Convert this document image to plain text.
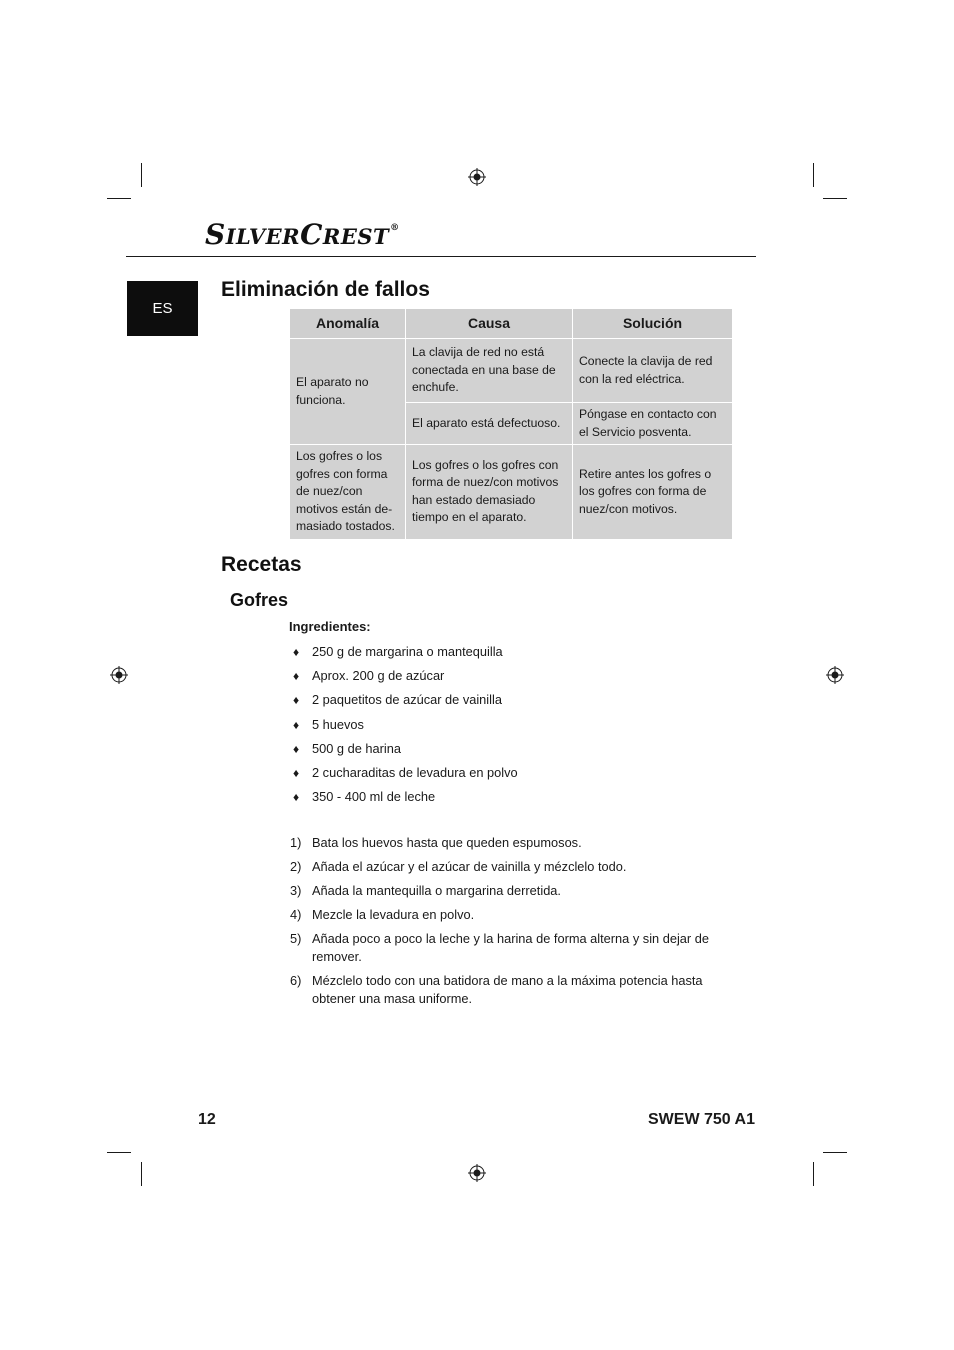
SILVERCREST®
ES
Eliminación de fallos
Anomalía	Causa	Solución
El aparato no funciona.	La clavija de red no está conectada en una base de enchufe.	Conecte la clavija de red con la red eléctrica.
	El aparato está defectuoso.	Póngase en contacto con el Servicio posventa.
Los gofres o los gofres con forma de nuez/con motivos están de-masiado tostados.	Los gofres o los gofres con forma de nuez/con motivos han estado demasiado tiempo en el aparato.	Retire antes los gofres o los gofres con forma de nuez/con motivos.
Recetas
Gofres
Ingredientes:
♦	250 g de margarina o mantequilla
♦	Aprox. 200 g de azúcar
♦	2 paquetitos de azúcar de vainilla
♦	5 huevos
♦	500 g de harina
♦	2 cucharaditas de levadura en polvo
♦	350 - 400 ml de leche
1) Bata los huevos hasta que queden espumosos.
2) Añada el azúcar y el azúcar de vainilla y mézclelo todo.
3) Añada la mantequilla o margarina derretida.
4) Mezcle la levadura en polvo.
5) Añada poco a poco la leche y la harina de forma alterna y sin dejar de remover.
6) Mézclelo todo con una batidora de mano a la máxima potencia hasta obtener una masa uniforme.
12	SWEW 750 A1
